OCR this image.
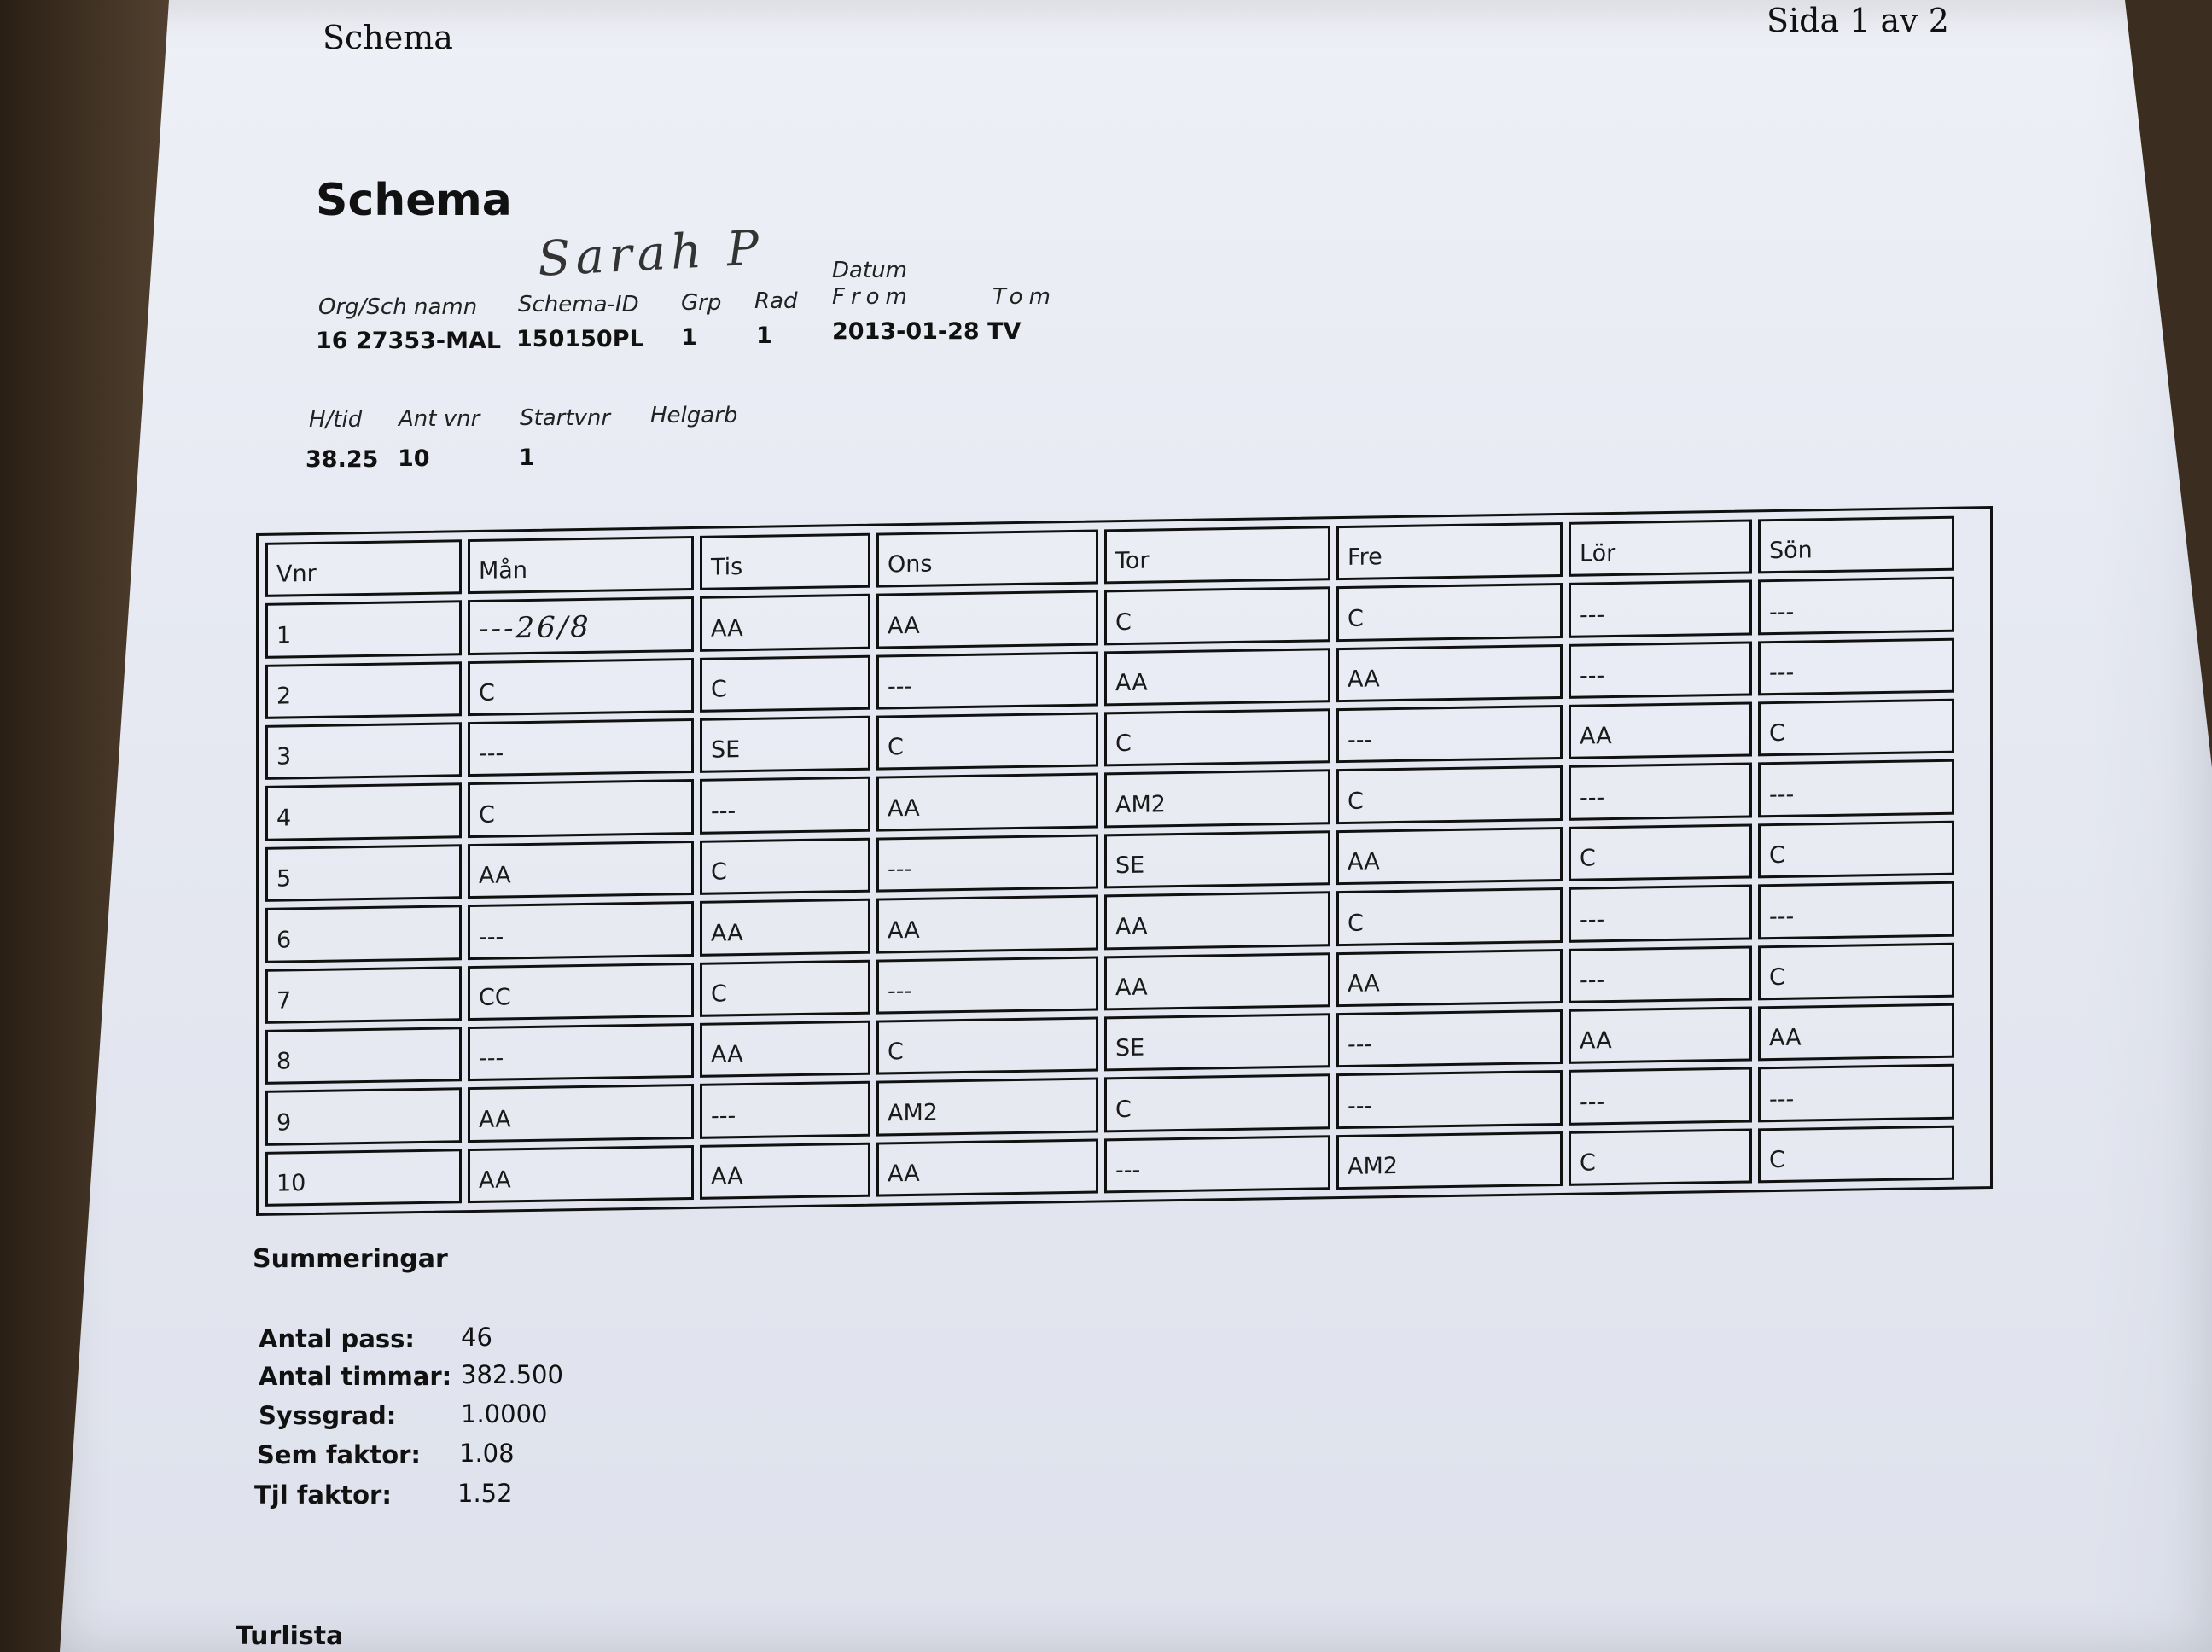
Schema	Sida 1 av 2
Schema
Sarah P	Datum
Org/Sch namn Schema-ID Grp Rad From	Tom
16 27353-MAL 150150PL 1	1	2013-01-28 TV
H/tid Ant vnr Startvnr Helgarb
38.25 10	1
Vnr	Mån	Tis	Ons	Tor	Fre	Lör	Sön
1	---26/8	AA	AA	C	C	---	---
2	C	C	---	AA	AA	---	---
3	---	SE	C	C	---	AA	C
4	C	---	AA	AM2	C	---	---
5	AA	C	---	SE	AA	C	C
6	---	AA	AA	AA	C	---	---
7	CC	C	---	AA	AA	---	C
8	---	AA	C	SE	---	AA	AA
9	AA	---	AM2	C	---	---	---
10	AA	AA	AA	---	AM2	C	C
Summeringar
Antal pass: 46
Antal timmar: 382.500
Syssgrad:	1.0000
Sem faktor: 1.08
Tjl faktor:	1.52
Turlista
